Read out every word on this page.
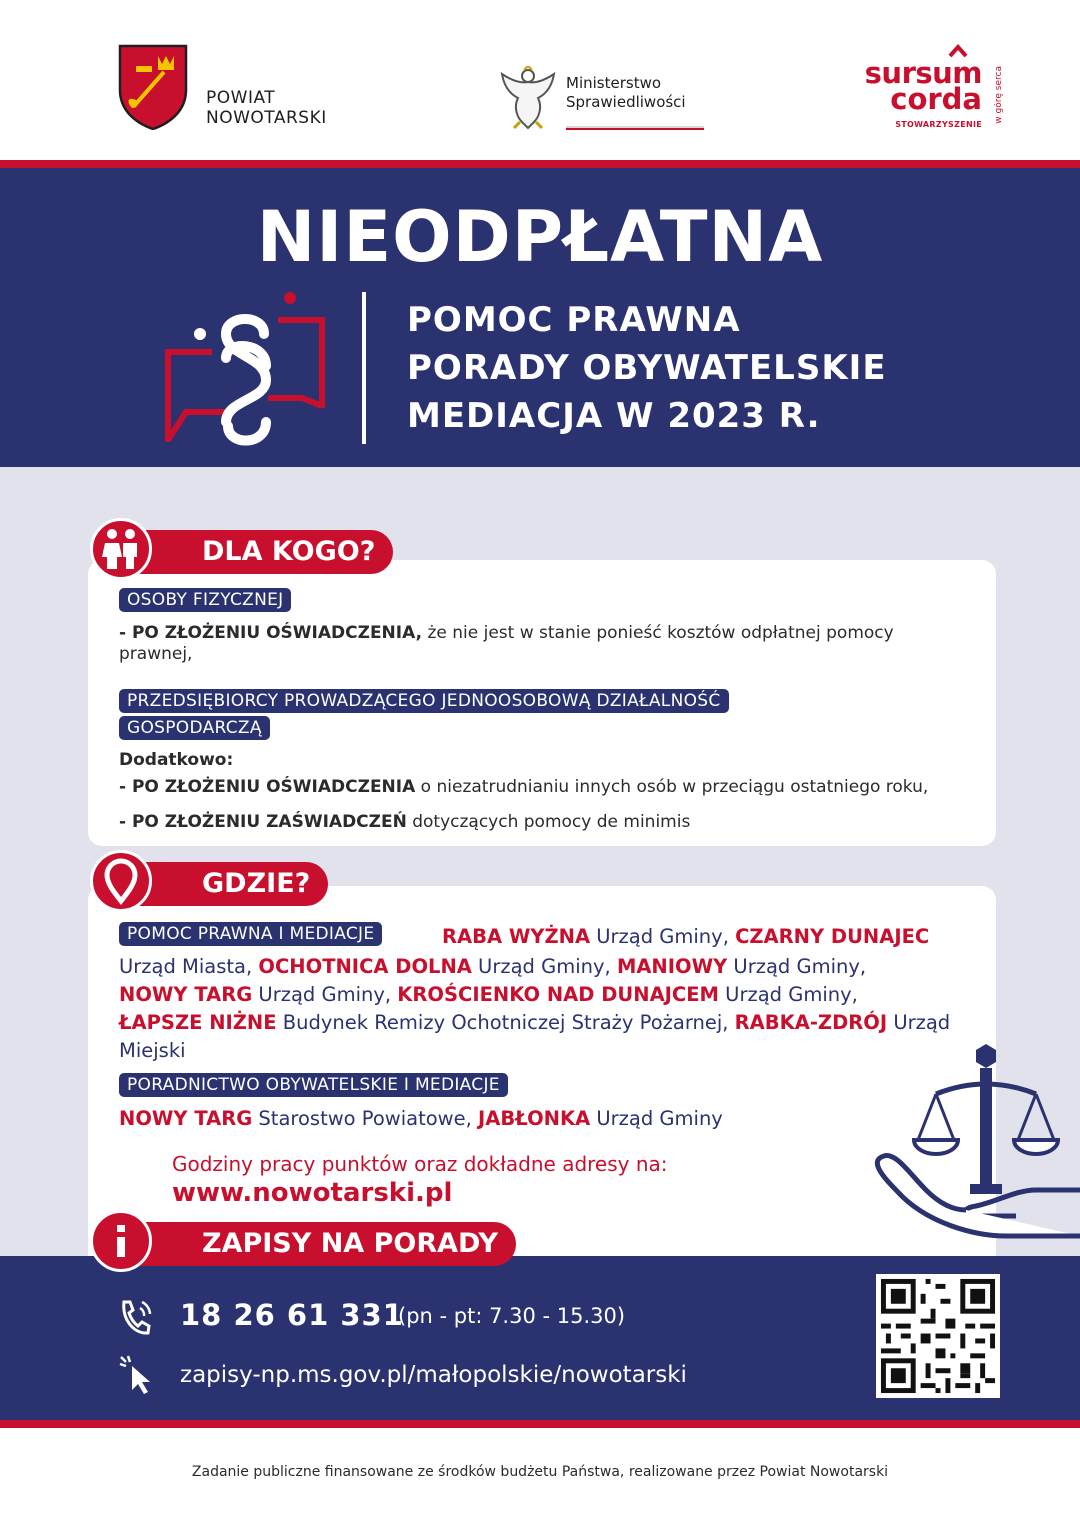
POWIAT
NOWOTARSKI
Ministerstwo
Sprawiedliwości
sursum
corda
STOWARZYSZENIE
w górę serca
NIEODPŁATNA
POMOC PRAWNA
PORADY OBYWATELSKIE
MEDIACJA W 2023 R.
DLA KOGO?
OSOBY FIZYCZNEJ
- PO ZŁOŻENIU OŚWIADCZENIA, że nie jest w stanie ponieść kosztów odpłatnej pomocy
prawnej,
PRZEDSIĘBIORCY PROWADZĄCEGO JEDNOOSOBOWĄ DZIAŁALNOŚĆ
GOSPODARCZĄ
Dodatkowo:
- PO ZŁOŻENIU OŚWIADCZENIA o niezatrudnianiu innych osób w przeciągu ostatniego roku,
- PO ZŁOŻENIU ZAŚWIADCZEŃ dotyczących pomocy de minimis
GDZIE?
POMOC PRAWNA I MEDIACJE	RABA WYŻNA Urząd Gminy, CZARNY DUNAJEC
Urząd Miasta, OCHOTNICA DOLNA Urząd Gminy, MANIOWY Urząd Gminy,
NOWY TARG Urząd Gminy, KROŚCIENKO NAD DUNAJCEM Urząd Gminy,
ŁAPSZE NIŻNE Budynek Remizy Ochotniczej Straży Pożarnej, RABKA-ZDRÓJ Urząd
Miejski
PORADNICTWO OBYWATELSKIE I MEDIACJE
NOWY TARG Starostwo Powiatowe, JABŁONKA Urząd Gminy
Godziny pracy punktów oraz dokładne adresy na:
www.nowotarski.pl
ZAPISY NA PORADY
18 26 61 331
(pn - pt: 7.30 - 15.30)
zapisy-np.ms.gov.pl/małopolskie/nowotarski
Zadanie publiczne finansowane ze środków budżetu Państwa, realizowane przez Powiat Nowotarski
